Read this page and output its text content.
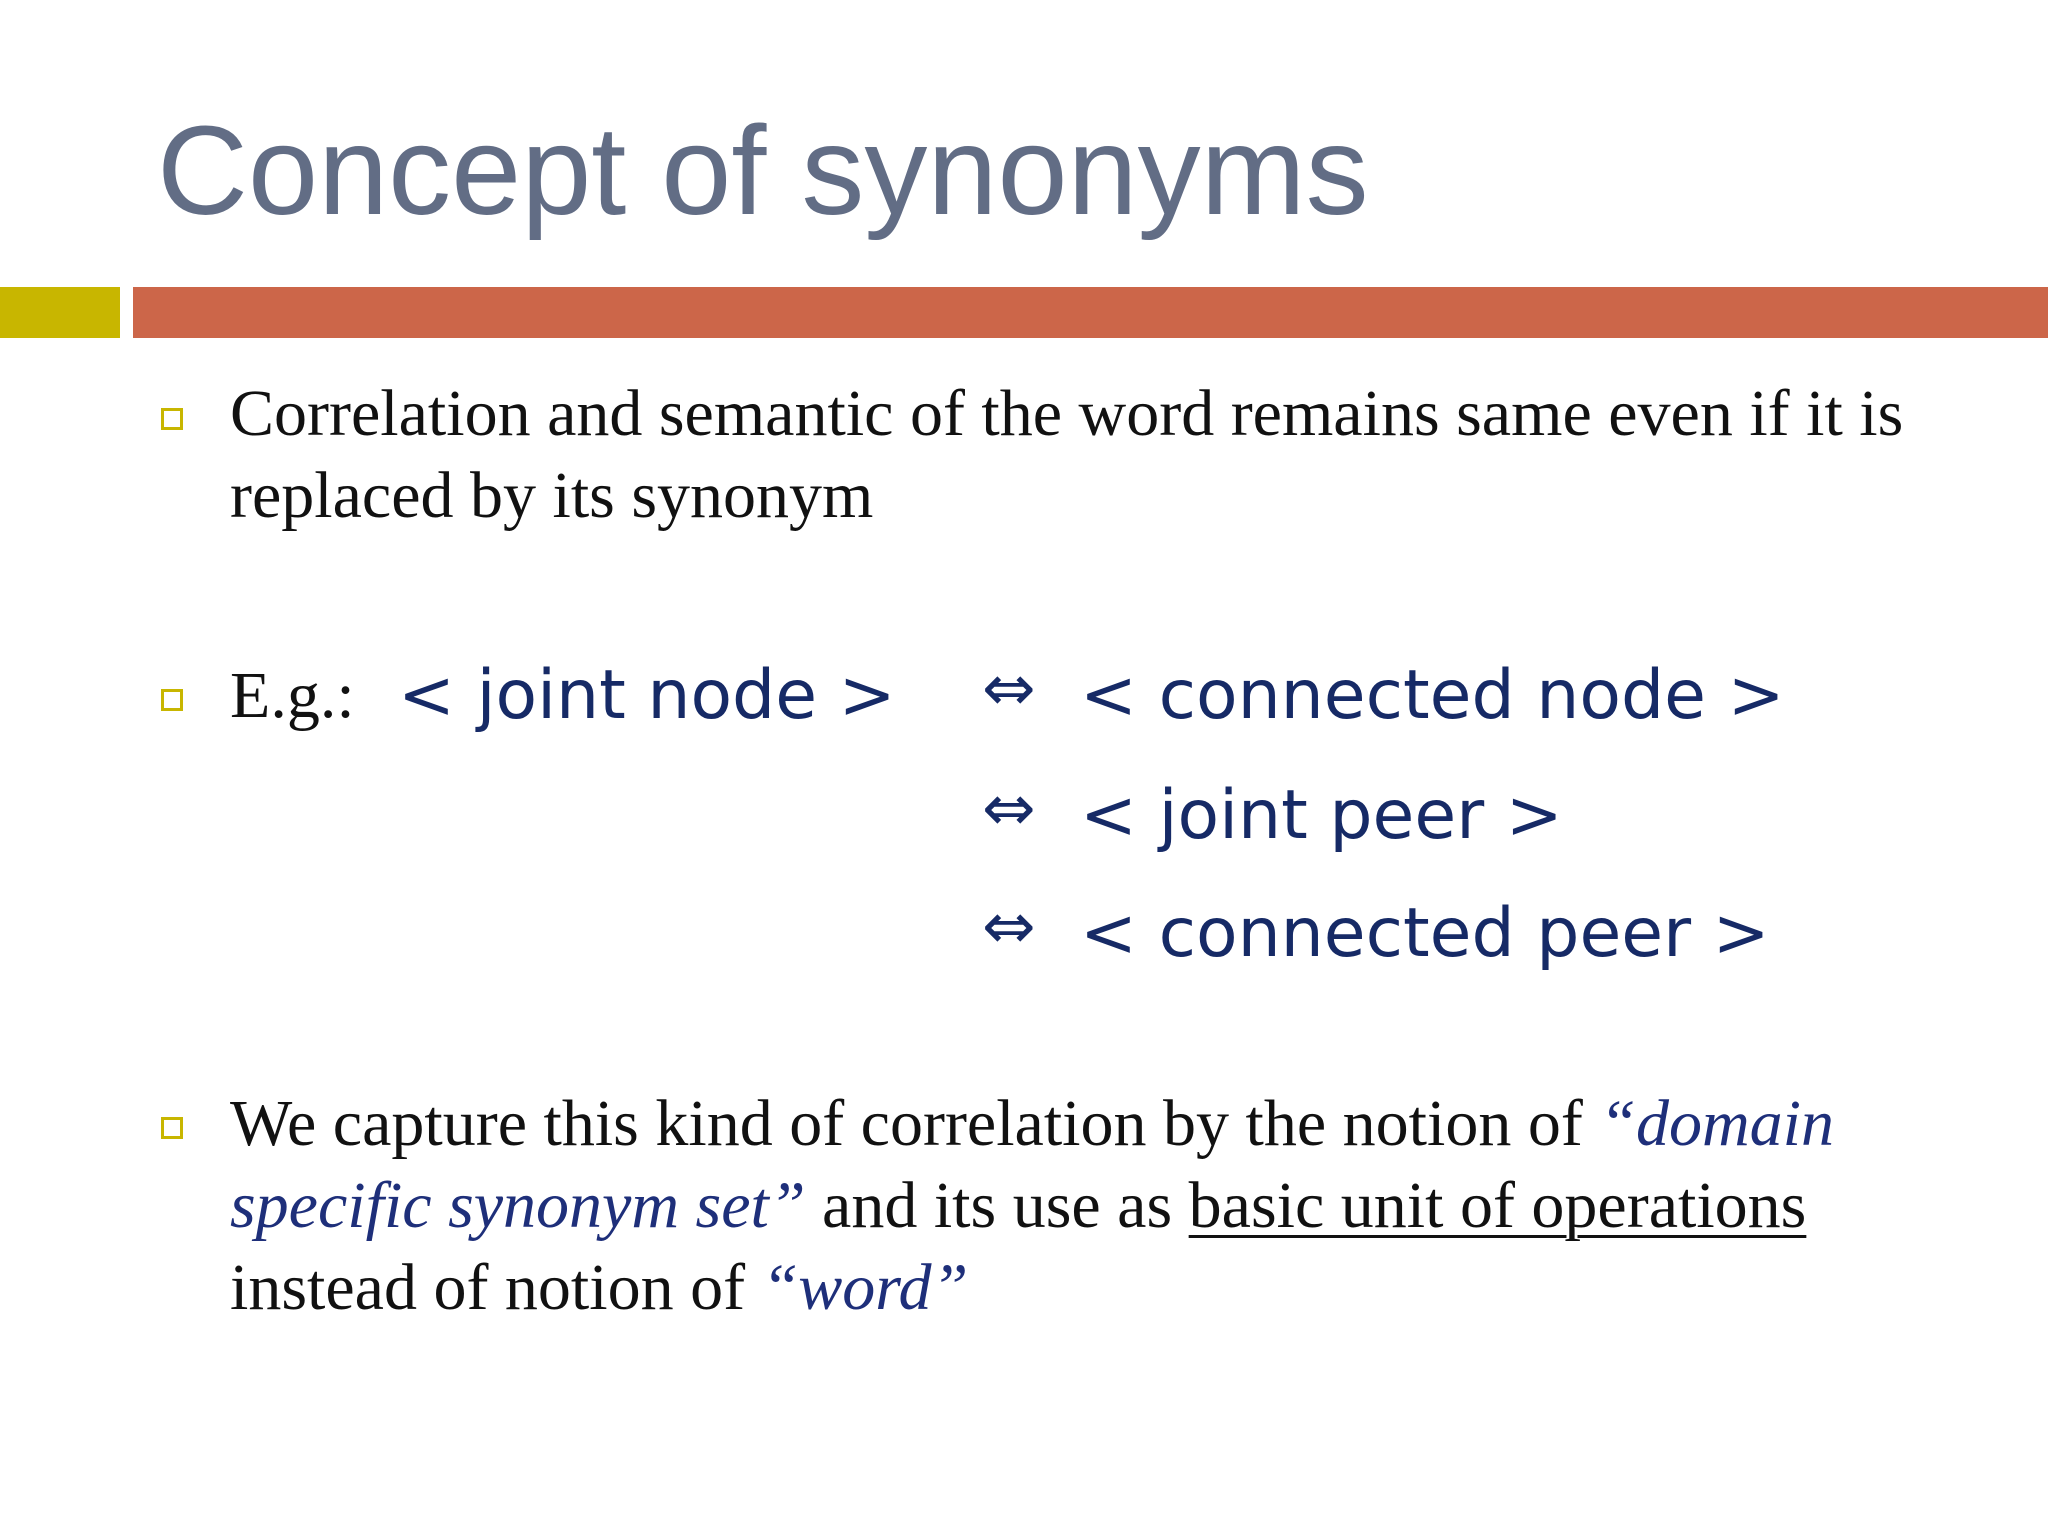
Concept of synonyms
Correlation and semantic of the word remains same even if it is replaced by its synonym
E.g.: < joint node > ⇔ < connected node >
⇔ < joint peer >
⇔ < connected peer >
We capture this kind of correlation by the notion of “domain specific synonym set” and its use as basic unit of operations instead of notion of “word”
